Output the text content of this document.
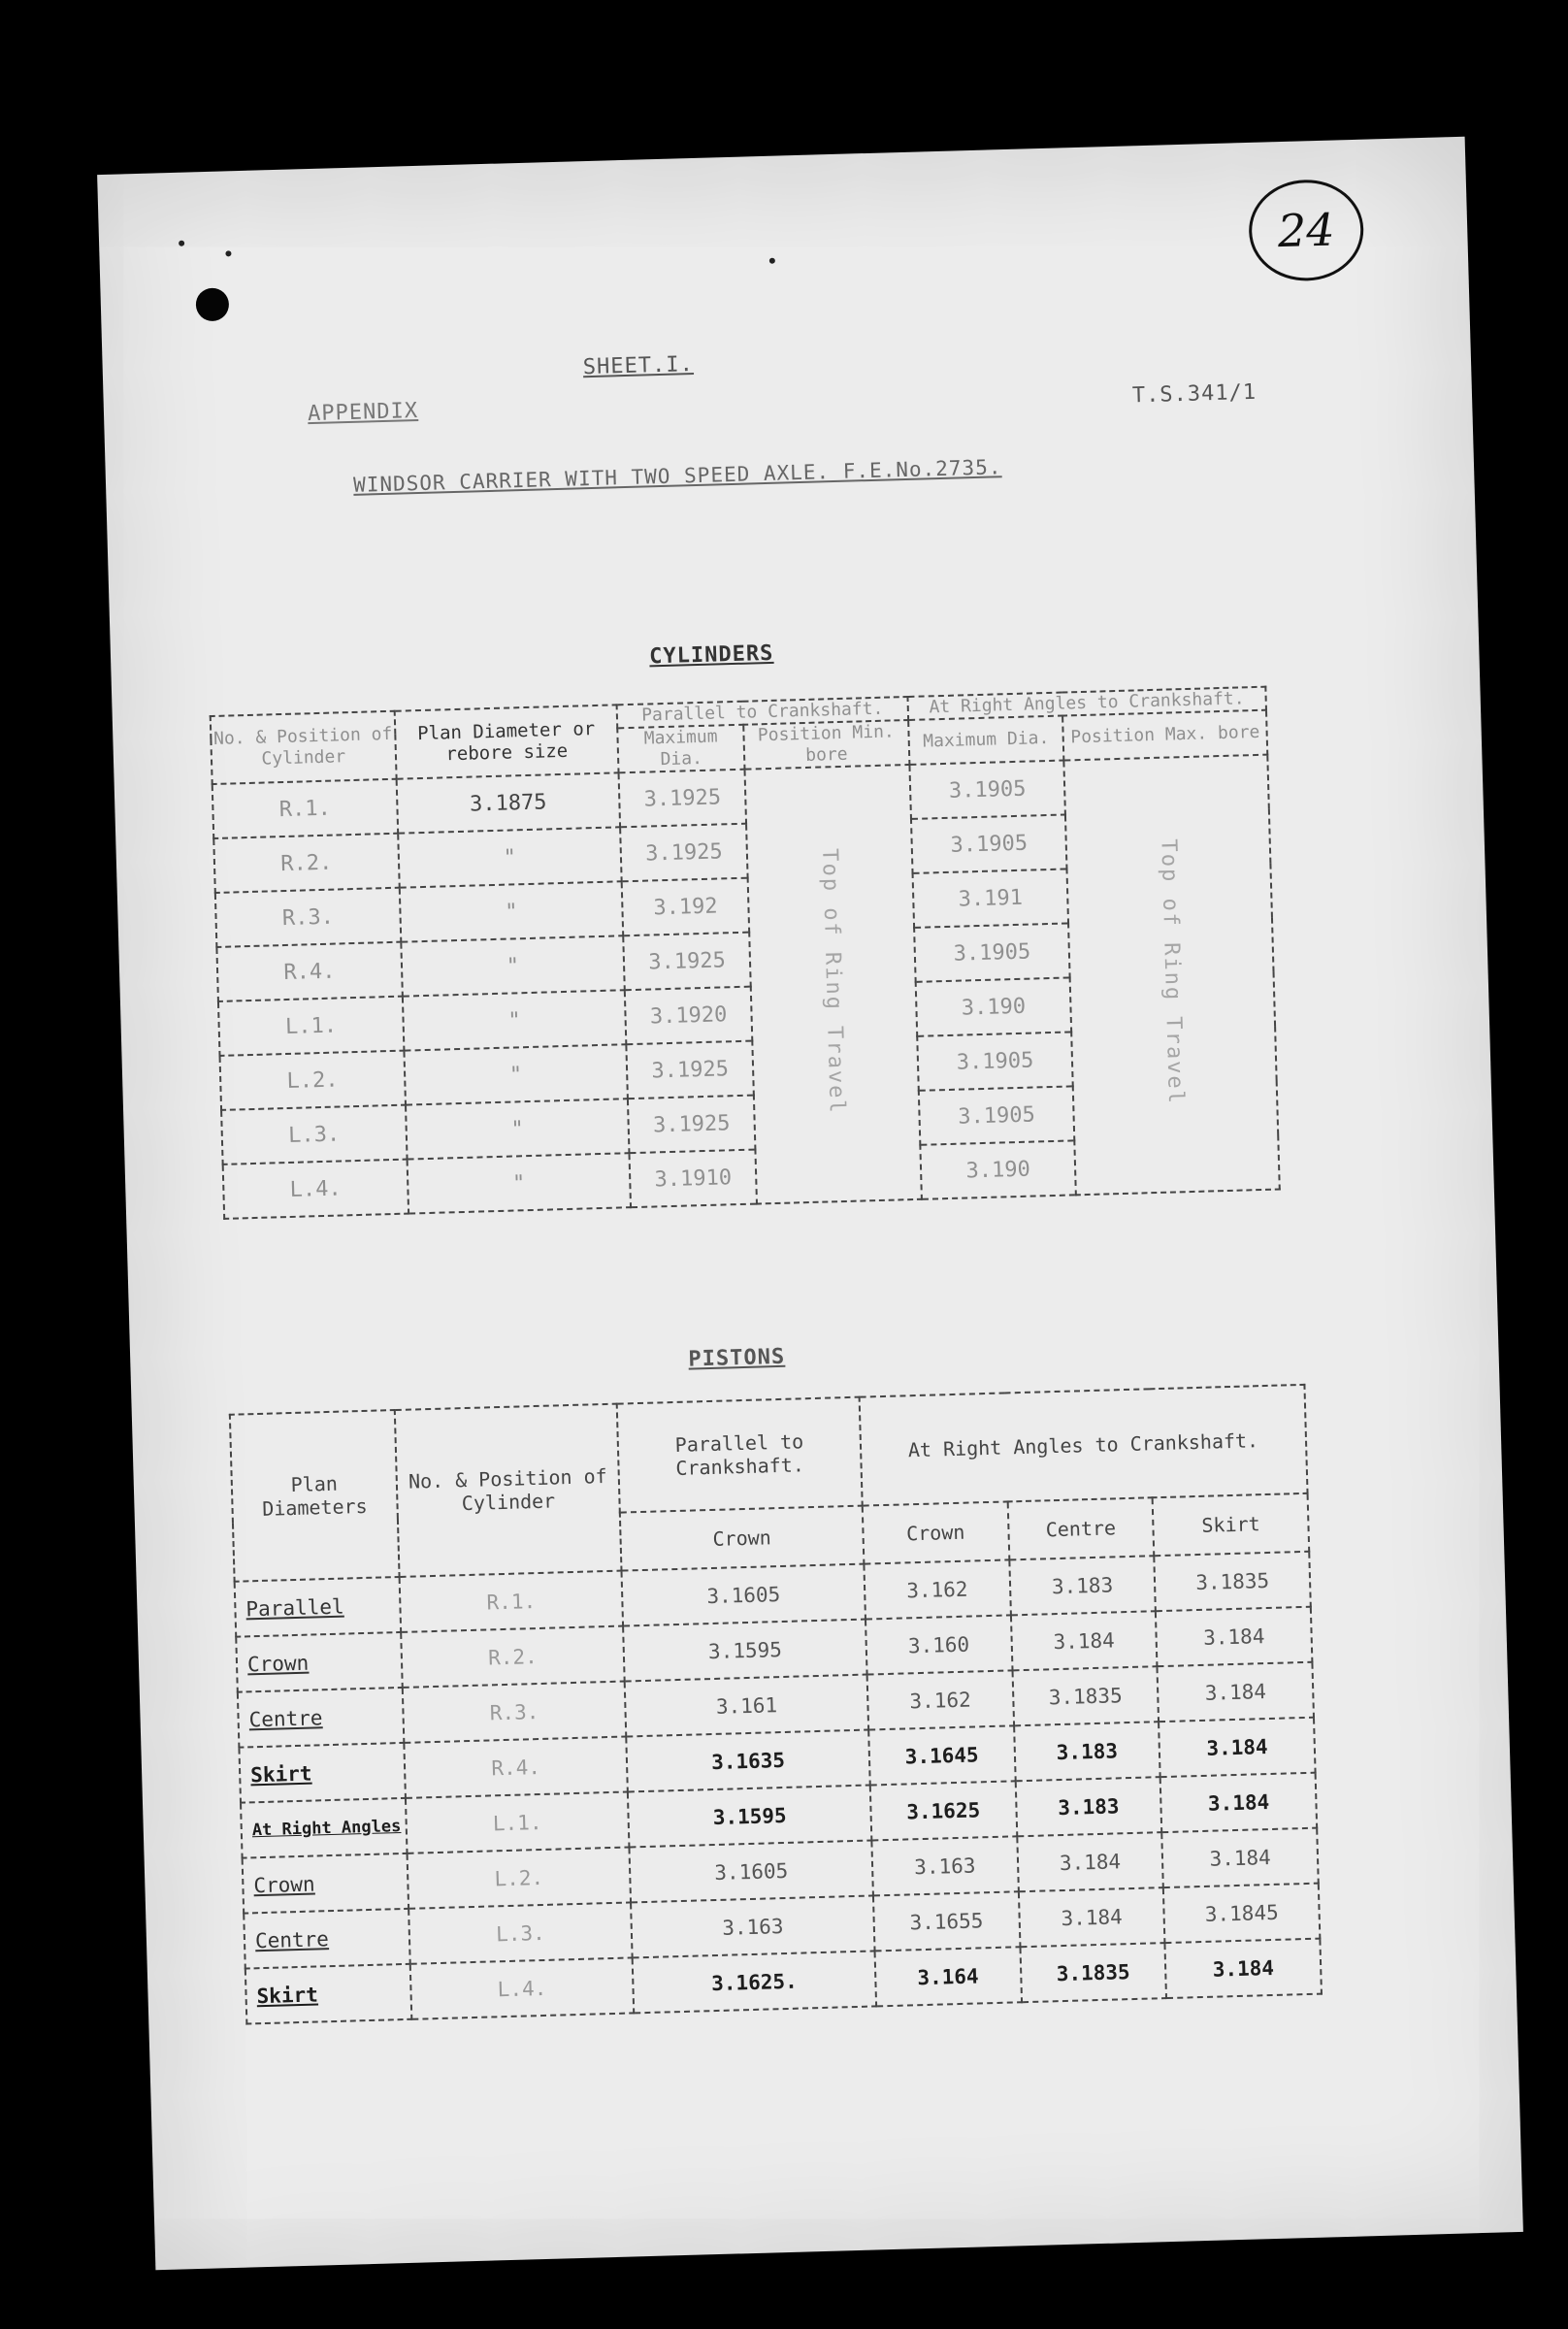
24
SHEET.I.
APPENDIX
T.S.341/1
WINDSOR CARRIER WITH TWO SPEED AXLE. F.E.No.2735.
CYLINDERS
No. & Position of Cylinder	Plan Diameter or rebore size	Parallel to Crankshaft.		At Right Angles to Crankshaft.	
		Maximum Dia.	Position Min. bore	Maximum Dia.	Position Max. bore
R.1.	3.1875	3.1925	Top of Ring Travel	3.1905	Top of Ring Travel
R.2.	"	3.1925		3.1905	
R.3.	"	3.192		3.191	
R.4.	"	3.1925		3.1905	
L.1.	"	3.1920		3.190	
L.2.	"	3.1925		3.1905	
L.3.	"	3.1925		3.1905	
L.4.	"	3.1910		3.190	
PISTONS
Plan Diameters	No. & Position of Cylinder	Parallel to Crankshaft.	At Right Angles to Crankshaft.		
		Crown	Crown	Centre	Skirt
Parallel	R.1.	3.1605	3.162	3.183	3.1835
Crown	R.2.	3.1595	3.160	3.184	3.184
Centre	R.3.	3.161	3.162	3.1835	3.184
Skirt	R.4.	3.1635	3.1645	3.183	3.184
At Right Angles	L.1.	3.1595	3.1625	3.183	3.184
Crown	L.2.	3.1605	3.163	3.184	3.184
Centre	L.3.	3.163	3.1655	3.184	3.1845
Skirt	L.4.	3.1625.	3.164	3.1835	3.184
